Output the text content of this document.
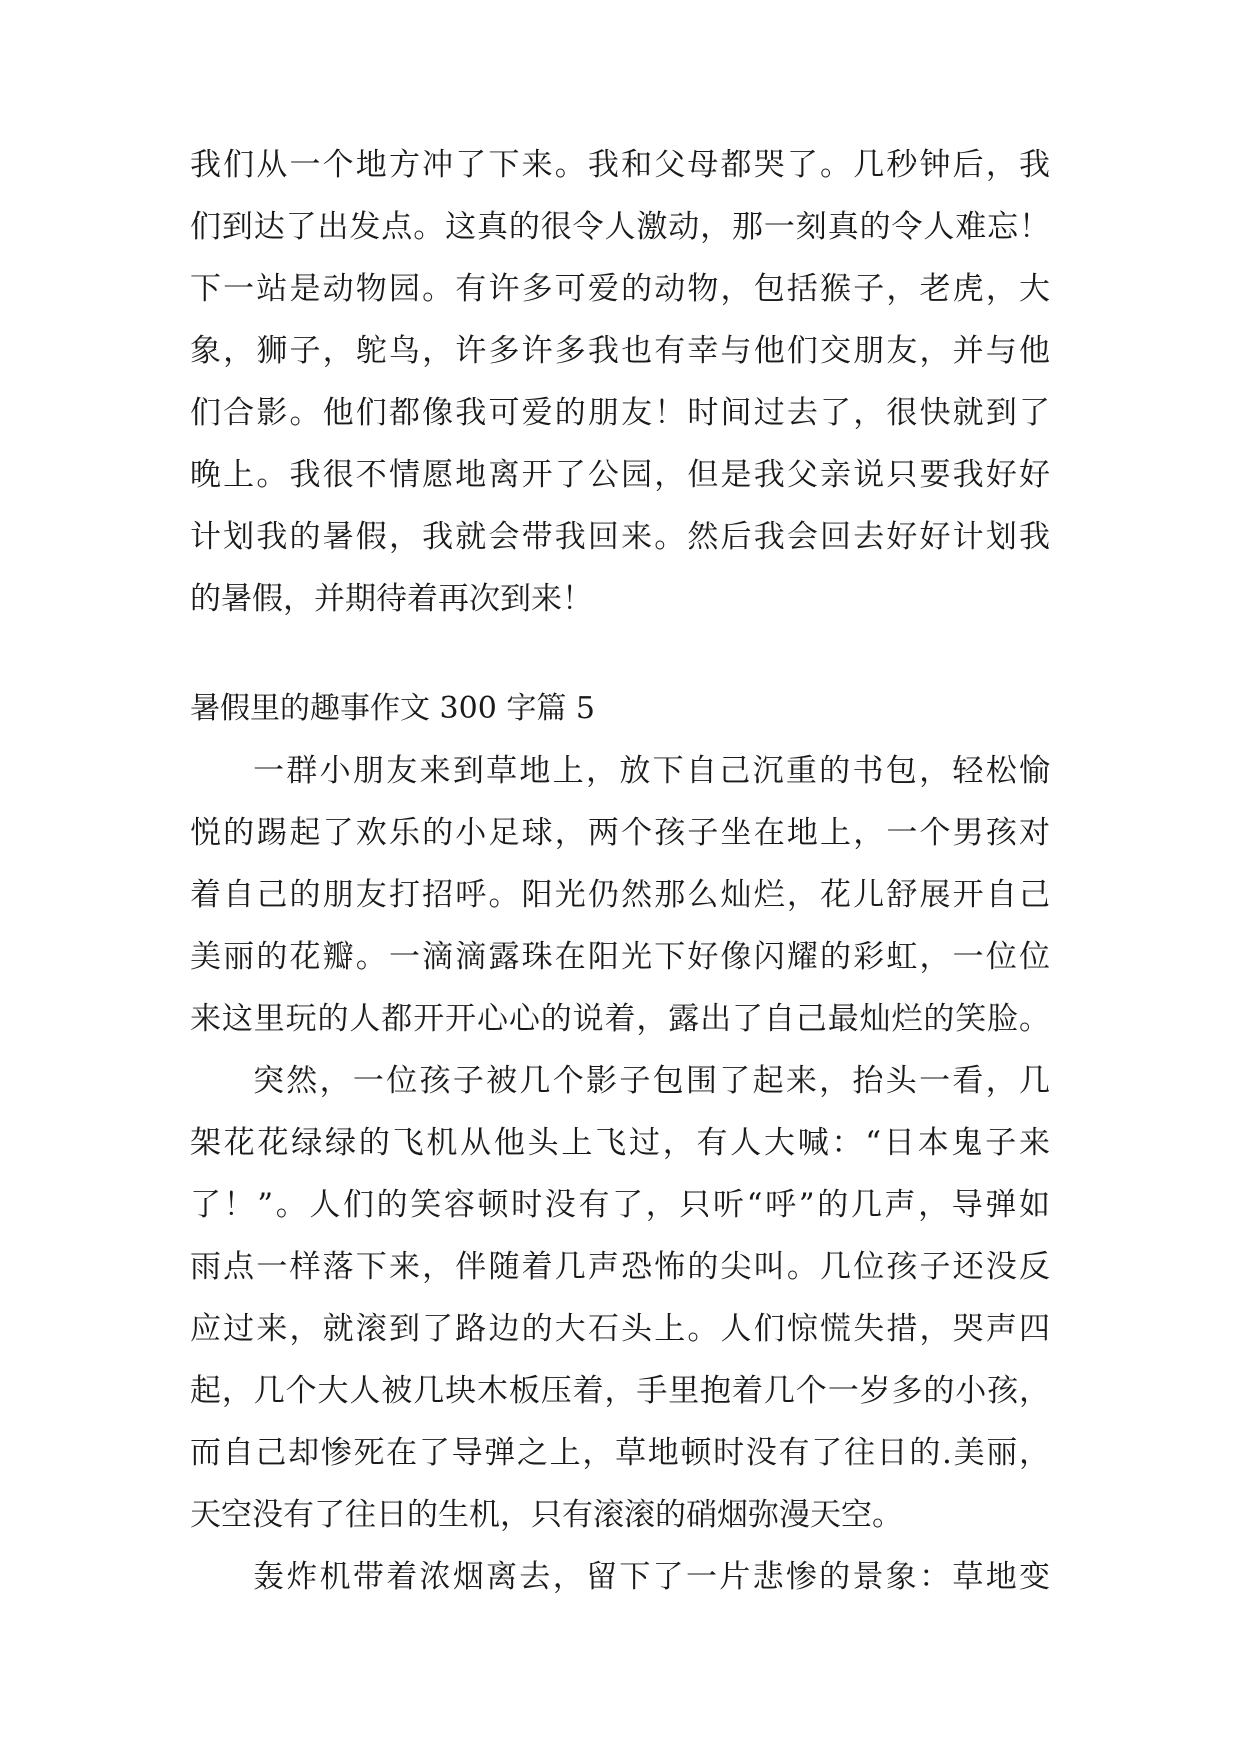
我们从一个地方冲了下来。我和父母都哭了。几秒钟后，我
们到达了出发点。这真的很令人激动，那一刻真的令人难忘！
下一站是动物园。有许多可爱的动物，包括猴子，老虎，大
象，狮子，鸵鸟，许多许多我也有幸与他们交朋友，并与他
们合影。他们都像我可爱的朋友！时间过去了，很快就到了
晚上。我很不情愿地离开了公园，但是我父亲说只要我好好
计划我的暑假，我就会带我回来。然后我会回去好好计划我
的暑假，并期待着再次到来！
暑假里的趣事作文 300 字篇 5
一群小朋友来到草地上，放下自己沉重的书包，轻松愉
悦的踢起了欢乐的小足球，两个孩子坐在地上，一个男孩对
着自己的朋友打招呼。阳光仍然那么灿烂，花儿舒展开自己
美丽的花瓣。一滴滴露珠在阳光下好像闪耀的彩虹，一位位
来这里玩的人都开开心心的说着，露出了自己最灿烂的笑脸。
突然，一位孩子被几个影子包围了起来，抬头一看，几
架花花绿绿的飞机从他头上飞过，有人大喊：“日本鬼子来
了！”。人们的笑容顿时没有了，只听“呼”的几声，导弹如
雨点一样落下来，伴随着几声恐怖的尖叫。几位孩子还没反
应过来，就滚到了路边的大石头上。人们惊慌失措，哭声四
起，几个大人被几块木板压着，手里抱着几个一岁多的小孩，
而自己却惨死在了导弹之上，草地顿时没有了往日的.美丽，
天空没有了往日的生机，只有滚滚的硝烟弥漫天空。
轰炸机带着浓烟离去，留下了一片悲惨的景象：草地变
